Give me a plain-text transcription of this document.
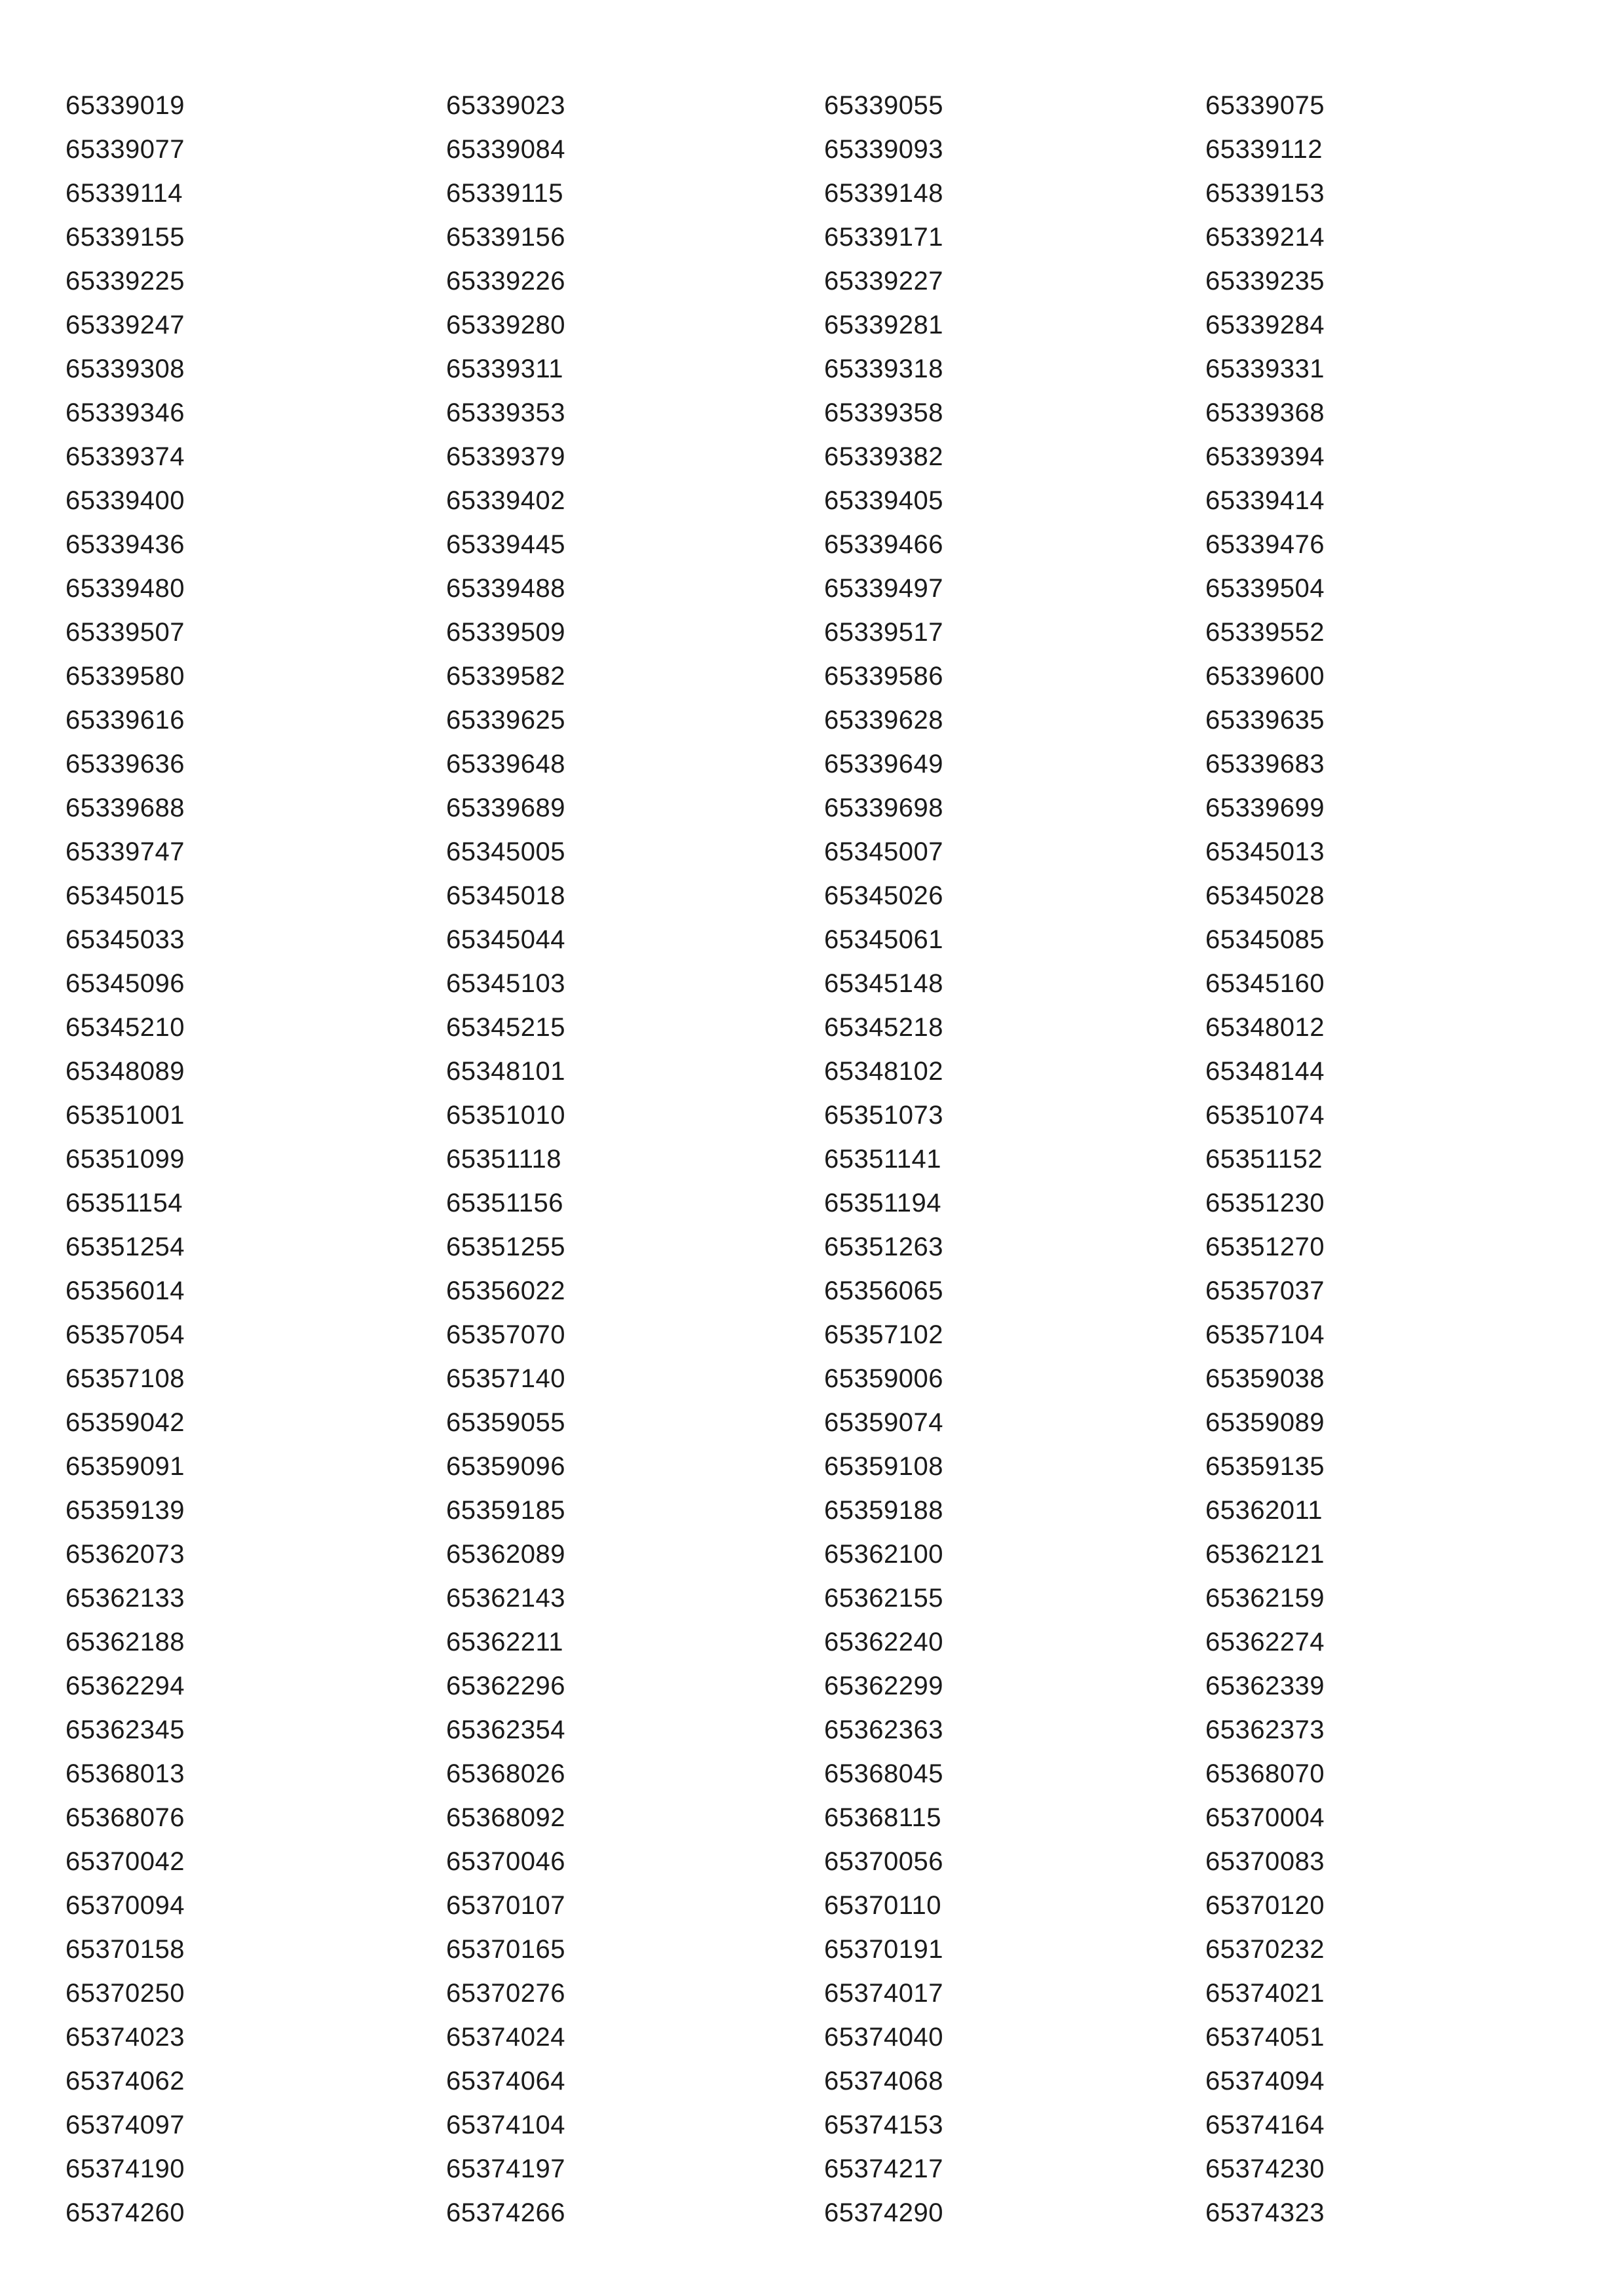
65339019	65339023	65339055	65339075
65339077	65339084	65339093	65339112
65339114	65339115	65339148	65339153
65339155	65339156	65339171	65339214
65339225	65339226	65339227	65339235
65339247	65339280	65339281	65339284
65339308	65339311	65339318	65339331
65339346	65339353	65339358	65339368
65339374	65339379	65339382	65339394
65339400	65339402	65339405	65339414
65339436	65339445	65339466	65339476
65339480	65339488	65339497	65339504
65339507	65339509	65339517	65339552
65339580	65339582	65339586	65339600
65339616	65339625	65339628	65339635
65339636	65339648	65339649	65339683
65339688	65339689	65339698	65339699
65339747	65345005	65345007	65345013
65345015	65345018	65345026	65345028
65345033	65345044	65345061	65345085
65345096	65345103	65345148	65345160
65345210	65345215	65345218	65348012
65348089	65348101	65348102	65348144
65351001	65351010	65351073	65351074
65351099	65351118	65351141	65351152
65351154	65351156	65351194	65351230
65351254	65351255	65351263	65351270
65356014	65356022	65356065	65357037
65357054	65357070	65357102	65357104
65357108	65357140	65359006	65359038
65359042	65359055	65359074	65359089
65359091	65359096	65359108	65359135
65359139	65359185	65359188	65362011
65362073	65362089	65362100	65362121
65362133	65362143	65362155	65362159
65362188	65362211	65362240	65362274
65362294	65362296	65362299	65362339
65362345	65362354	65362363	65362373
65368013	65368026	65368045	65368070
65368076	65368092	65368115	65370004
65370042	65370046	65370056	65370083
65370094	65370107	65370110	65370120
65370158	65370165	65370191	65370232
65370250	65370276	65374017	65374021
65374023	65374024	65374040	65374051
65374062	65374064	65374068	65374094
65374097	65374104	65374153	65374164
65374190	65374197	65374217	65374230
65374260	65374266	65374290	65374323
